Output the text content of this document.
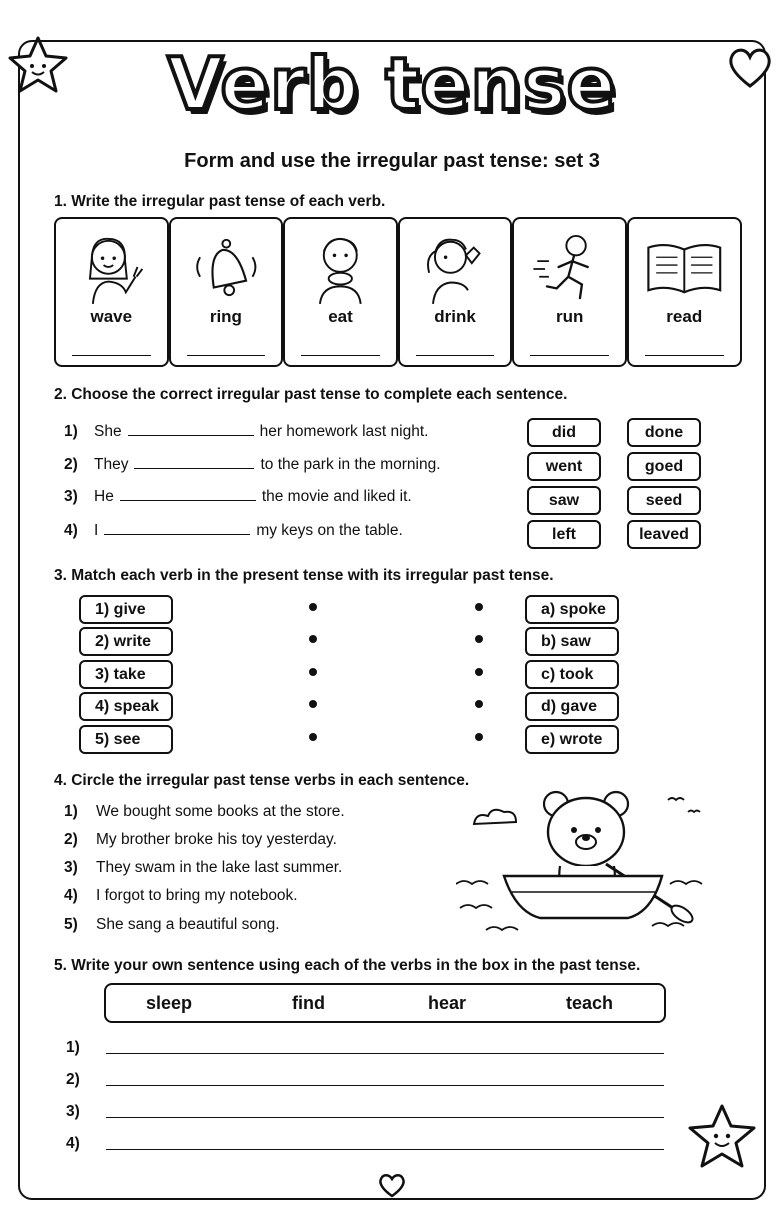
Verb tense
Form and use the irregular past tense: set 3
1. Write the irregular past tense of each verb.
wave	ring	eat	drink	run	read
2. Choose the correct irregular past tense to complete each sentence.
1) She	her homework last night.
2) They	to the park in the morning.
3) He	the movie and liked it.
4) I	my keys on the table.
did	done
went	goed
saw	seed
left	leaved
3. Match each verb in the present tense with its irregular past tense.
1) give
2) write
3) take
4) speak
5) see
a) spoke
b) saw
c) took
d) gave
e) wrote
4. Circle the irregular past tense verbs in each sentence.
1) We bought some books at the store.
2) My brother broke his toy yesterday.
3) They swam in the lake last summer.
4) I forgot to bring my notebook.
5) She sang a beautiful song.
5. Write your own sentence using each of the verbs in the box in the past tense.
sleep	find	hear	teach
1)
2)
3)
4)
